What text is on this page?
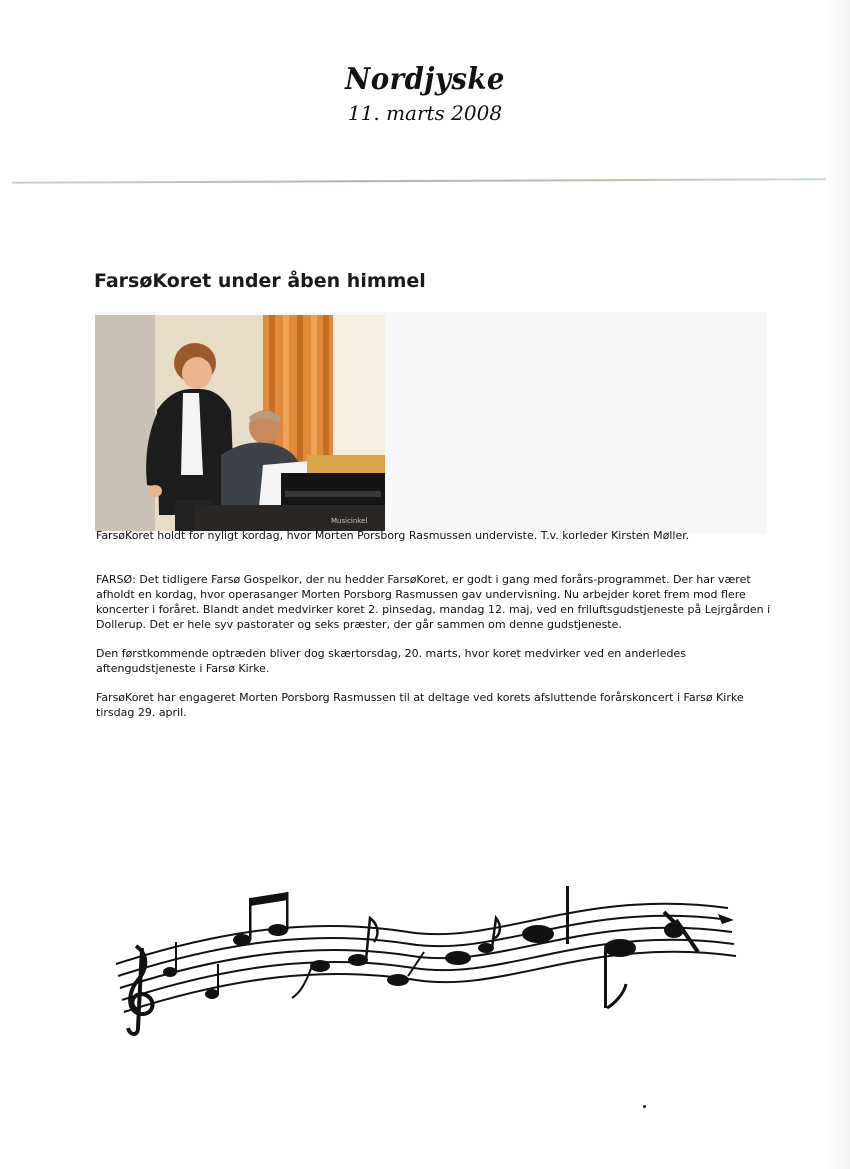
Nordjyske
11. marts 2008
FarsøKoret under åben himmel
Musicinkel

FarsøKoret holdt for nyligt kordag, hvor Morten Porsborg Rasmussen underviste. T.v. korleder Kirsten Møller.

FARSØ: Det tidligere Farsø Gospelkor, der nu hedder FarsøKoret, er godt i gang med forårs-programmet. Der har været afholdt en kordag, hvor operasanger Morten Porsborg Rasmussen gav undervisning. Nu arbejder koret frem mod flere koncerter i foråret. Blandt andet medvirker koret 2. pinsedag, mandag 12. maj, ved en friluftsgudstjeneste på Lejrgården i Dollerup. Det er hele syv pastorater og seks præster, der går sammen om denne gudstjeneste.

Den førstkommende optræden bliver dog skærtorsdag, 20. marts, hvor koret medvirker ved en anderledes aftengudstjeneste i Farsø Kirke.

FarsøKoret har engageret Morten Porsborg Rasmussen til at deltage ved korets afsluttende forårskoncert i Farsø Kirke tirsdag 29. april.
